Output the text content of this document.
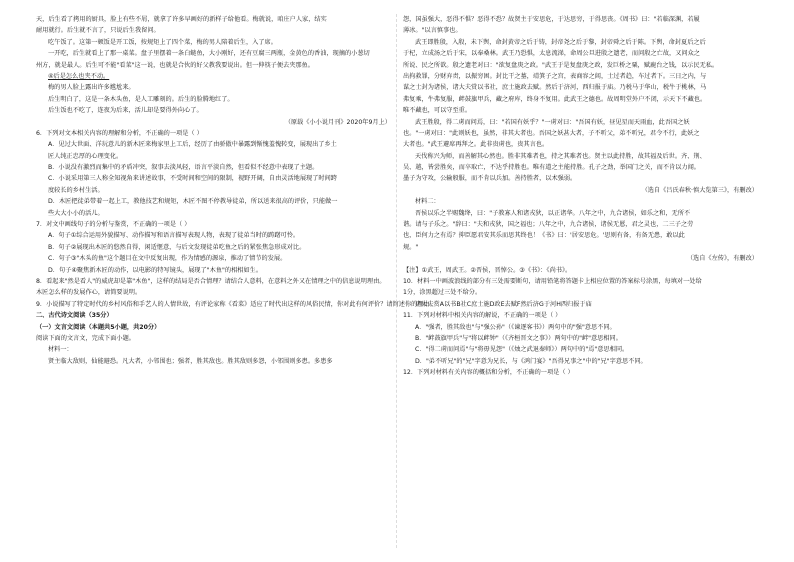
天，后生看了拷用的厨具，脸上有些不屑，就拿了许多早画好的新样子给他看。梅就说，咱庄户人家，结实
耐用就行。后生就不言了，只说后生我留问。
吃午饭了。这第一顿饭是开工饭，按规矩上了四个菜，梅的男人陪着后生，入了席。
一开吃，后生就看上了那一桌菜。盘子里摆着一条白鲢鱼，大小刚好，还有豆腐三两瓶，金黄色的香油，现摘的小葱切
州方，就是最人。后生可不能"看菜"这一说，也就是合伙的好父教我要说出。但一伸筷子便去夹那鱼。
④后是怎么也夹不动。
梅的男人脸上露出许多尴尬来。
后生明白了，这是一条木头鱼，是人工雕刻的。后生的脸腾地红了。
后生饭也不吃了，连夜为后来，活儿却是要得外向心了。
（原载《小小说月刊》2020年9月上）
6．下列对文本相关内容的理解和分析，不正确的一项是（ ）
A．见过大世面、洋玩意儿的新木匠来梅家里上工后，经历了由骄傲中暴露到惭愧羞愧转变，展现出了乡土
匠人纯正忠厚的心理变化。
B．小说没有激烈而集中的矛盾冲突，叙事去淡风轻，语言平淡自然，但看似不经意中表现了主题。
C．小说采用第三人称全知视角来讲述故事，不受时间和空间的限制，视野开阔，自由灵活地展现了时间跨
度较长的乡村生活。
D．木匠把徒弟带着一起上工，教他技艺和规矩，木匠不图不停教导徒弟，所以送来很高的评价，只能做一
些大大小小的活儿。
7．对文中画线句子的分析与鉴赏，不正确的一项是（ ）
A．句子①综合运用外貌描写、动作描写和语言描写表现人物，表现了徒弟当时的踌躇可怜。
B．句子②展现出木匠的悠然自得，闲适惬意，与后文发现徒弟吃鱼之后的紧张焦急形成对比。
C．句子③"木头的鱼"这个题目在文中反复出现，作为情感的源泉，推动了情节的发展。
D．句子④聚焦新木匠的动作，以电影的特写镜头，展现了"木鱼"的相相如生。
8．看起来"然是看人"的威虎却是靠"木鱼"，这样的结局是否合情理？请结合人意料，在意料之外又在情理之中的信息说明理由。
木匠怎么样的发展作心，请简要说明。
9．小说描写了特定时代的乡村风俗和手艺人的人情世故，有评论家称《看菜》适应了时代出这样的风俗民情，你对此有何评价？请简述你的理由。
二、古代诗文阅读（35分）
（一）文言文阅读（本题共5小题，共20分）
阅读下面的文言文，完成下面小题。
材料一：
贤主临大敌则，仙能避恐。凡大者，小邻围也；强者，胜其敌也。胜其敌则多怨，小邻围则多患。多患多
怨，国虽强大，恶得不惧？恶得不恐？故贤主于安思危，于达思穷，于得思丧。《周书》曰："若临深渊，若履
薄冰。"以言慎事也。
武王即胜殷，入殷，未下舆，命封黄帝之后于铸，封帝尧之后于黎，封帝舜之后于陈。下舆，命封夏后之后
于杞，立成汤之后于宋，以奉桑林。武王乃恐惧，太息流涕，命周公旦进殷之遗老，而问殷之亡故，又问众之
所说、民之所欲。殷之遗老对曰："欲复盘庚之政。"武王于是复盘庚之政，发巨桥之粟，赋鹿台之钱，以示民无私。
出拘救罪，分财弃责，以振穷困。封比干之墓，靖箕子之宫，表商容之闾，士过者趋，车过者下。三日之内，与
谋之士封为诸侯，诸大夫赏以书社，庶士施政去赋。然后于济河，西归报于庙。乃税马于华山，税牛于桃林，马
弗复乘，牛弗复服，衅鼓旗甲兵，藏之府库，终身不复用。此武王之德也。故周明堂外户不闭，示天下不藏也。
唯不藏也，可以守至重。
武王胜殷，得二虏而问焉，曰："若国有妖乎？"一虏对曰："吾国有妖，昼见星而天雨血，此吾国之妖
也。"一虏对曰："此则妖也，虽然，非其大者也。吾国之妖甚大者，子不听父，弟不听兄，君令不行，此妖之
大者也。"武王避席再拜之。此非贵虏也，贵其言也。
天伐称兴为师，而善解其心然也。胜非其难者也，持之其难者也。贤主以此持胜，故其福及后世。齐、荆、
吴、越，皆尝胜矣，而卒取亡，不达乎持胜也。唯有道之主能持胜。孔子之劲，举国门之关，而不肯以力闻。
墨子为守攻，公输般服，而不肯以兵加。善持胜者，以术强弱。
（选自《吕氏春秋·慎大览第三》，有删改）
材料二：
晋侯以乐之半赐魏绛，曰："子教寡人和诸戎狄，以正诸华。八年之中，九合诸侯，如乐之和，无所不
谐。请与子乐之。"辞曰："夫和戎狄，国之福也；八年之中，九合诸侯，诸侯无慝，君之灵也，二三子之劳
也，臣何力之有焉？抑臣愿君安其乐而思其终也！《书》曰：'居安思危。'思则有备，有备无患，敢以此
规。"
（选自《左传》，有删改）
【注】①武王，周武王。②晋侯，晋悼公。③《书》：《尚书》。
10．材料一中画波浪线的部分有三处需要断句，请用铅笔将答题卡上相应位置的答案标号涂黑，每填对一处给
1分，涂黑超过三处不给分。
诸大夫赏A以书B社C庶士施D政E去赋F然后济G于河H西归报于庙
11．下列对材料中相关内容的解说，不正确的一项是（ ）
A．"强者，胜其敌也"与"强公孙"（《谏逐客书》）两句中的"强"意思不同。
B．"衅鼓旗甲兵"与"将以衅钟"（《齐桓晋文之事》）两句中的"衅"意思相同。
C．"得二虏而问焉"与"将毋见怨"（《烛之武退秦师》）两句中的"焉"意思相同。
D．"弟不听兄"的"兄"字意为兄长，与《鸿门宴》"吾得兄事之"中的"兄"字意思不同。
12．下列对材料有关内容的概括和分析，不正确的一项是（ ）
